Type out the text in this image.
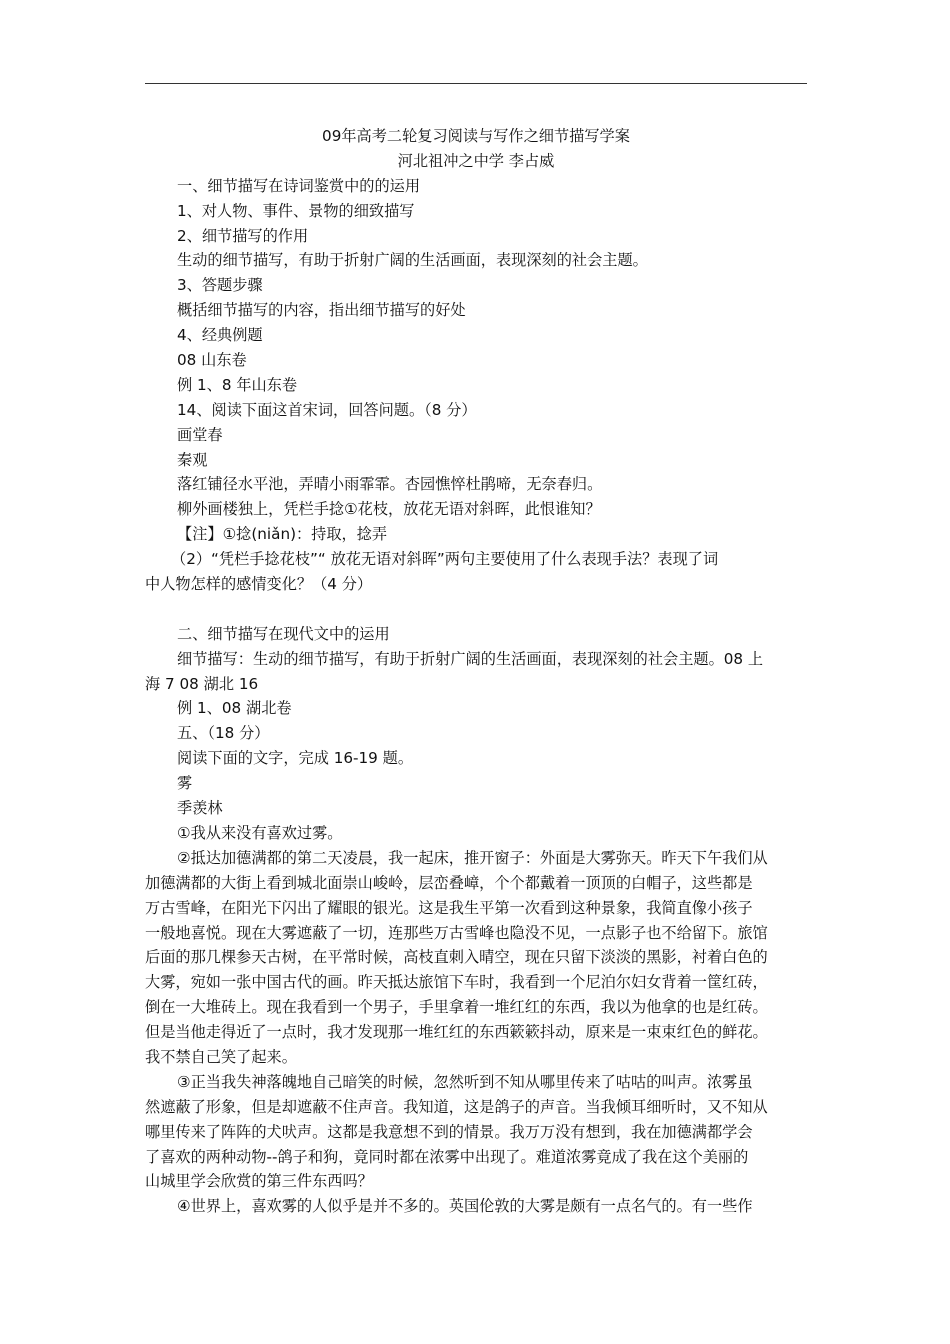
09年高考二轮复习阅读与写作之细节描写学案
河北祖冲之中学 李占威
一、细节描写在诗词鉴赏中的的运用
1、对人物、事件、景物的细致描写
2、细节描写的作用
生动的细节描写，有助于折射广阔的生活画面，表现深刻的社会主题。
3、答题步骤
概括细节描写的内容，指出细节描写的好处
4、经典例题
08 山东卷
例 1、8 年山东卷
14、阅读下面这首宋词，回答问题。（8 分）
画堂春
秦观
落红铺径水平池，弄晴小雨霏霏。杏园憔悴杜鹃啼，无奈春归。
柳外画楼独上，凭栏手捻①花枝，放花无语对斜晖，此恨谁知？
【注】①捻(niǎn)：持取，捻弄
（2）“凭栏手捻花枝”“ 放花无语对斜晖”两句主要使用了什么表现手法？表现了词
中人物怎样的感情变化？（4 分）
二、细节描写在现代文中的运用
细节描写：生动的细节描写，有助于折射广阔的生活画面，表现深刻的社会主题。08 上
海 7 08 湖北 16
例 1、08 湖北卷
五、（18 分）
阅读下面的文字，完成 16-19 题。
雾
季羡林
①我从来没有喜欢过雾。
②抵达加德满都的第二天凌晨，我一起床，推开窗子：外面是大雾弥天。昨天下午我们从
加德满都的大街上看到城北面崇山峻岭，层峦叠嶂，个个都戴着一顶顶的白帽子，这些都是
万古雪峰，在阳光下闪出了耀眼的银光。这是我生平第一次看到这种景象，我简直像小孩子
一般地喜悦。现在大雾遮蔽了一切，连那些万古雪峰也隐没不见，一点影子也不给留下。旅馆
后面的那几棵参天古树，在平常时候，高枝直刺入晴空，现在只留下淡淡的黑影，衬着白色的
大雾，宛如一张中国古代的画。昨天抵达旅馆下车时，我看到一个尼泊尔妇女背着一筐红砖，
倒在一大堆砖上。现在我看到一个男子，手里拿着一堆红红的东西，我以为他拿的也是红砖。
但是当他走得近了一点时，我才发现那一堆红红的东西簌簌抖动，原来是一束束红色的鲜花。
我不禁自己笑了起来。
③正当我失神落魄地自己暗笑的时候，忽然听到不知从哪里传来了咕咕的叫声。浓雾虽
然遮蔽了形象，但是却遮蔽不住声音。我知道，这是鸽子的声音。当我倾耳细听时，又不知从
哪里传来了阵阵的犬吠声。这都是我意想不到的情景。我万万没有想到，我在加德满都学会
了喜欢的两种动物--鸽子和狗，竟同时都在浓雾中出现了。难道浓雾竟成了我在这个美丽的
山城里学会欣赏的第三件东西吗？
④世界上，喜欢雾的人似乎是并不多的。英国伦敦的大雾是颇有一点名气的。有一些作
